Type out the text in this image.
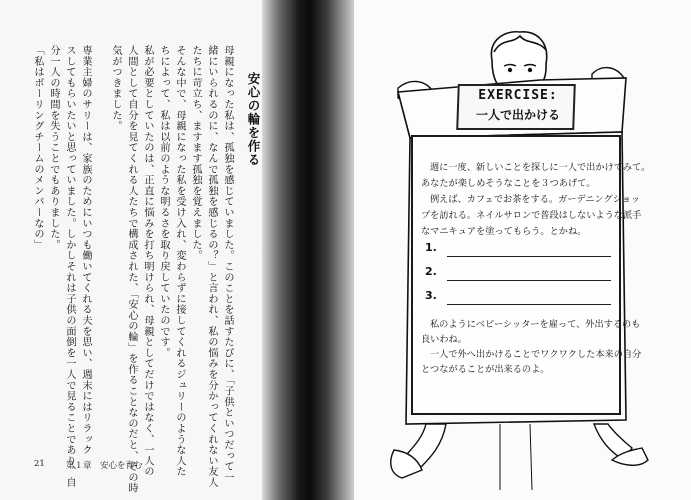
安心の輪を作る
母親になった私は、孤独を感じていました。このことを話すたびに、「子供といつだって一
緒にいられるのに、なんで孤独を感じるの？」と言われ、私の悩みを分かってくれない友人
たちに苛立ち、ますます孤独を覚えました。
そんな中で、母親になった私を受け入れ、変わらずに接してくれるジュリーのような人た
ちによって、私は以前のような明るさを取り戻していたのです。
私が必要としていたのは、正直に悩みを打ち明けられ、母親としてだけではなく、一人の
人間として自分を見てくれる人たちで構成された、「安心の輪」を作ることなのだと、その時
気がつきました。
専業主婦のサリーは、家族のためにいつも働いてくれる夫を思い、週末にはリラック
スしてもらいたいと思っていました。しかしそれは子供の面倒を一人で見ることであり、自
分一人の時間を失うことでもありました。
「私はボーリングチームのメンバーなの」
21 第１章　安心を育む
EXERCISE:
一人で出かける
週に一度、新しいことを探しに一人で出かけてみて。
あなたが楽しめそうなことを３つあげて。
例えば、カフェでお茶をする。ガーデニングショッ
プを訪れる。ネイルサロンで普段はしないような派手
なマニキュアを塗ってもらう。とかね。
1.
2.
3.
私のようにベビーシッターを雇って、外出するのも
良いわね。
一人で外へ出かけることでワクワクした本来の自分
とつながることが出来るのよ。
